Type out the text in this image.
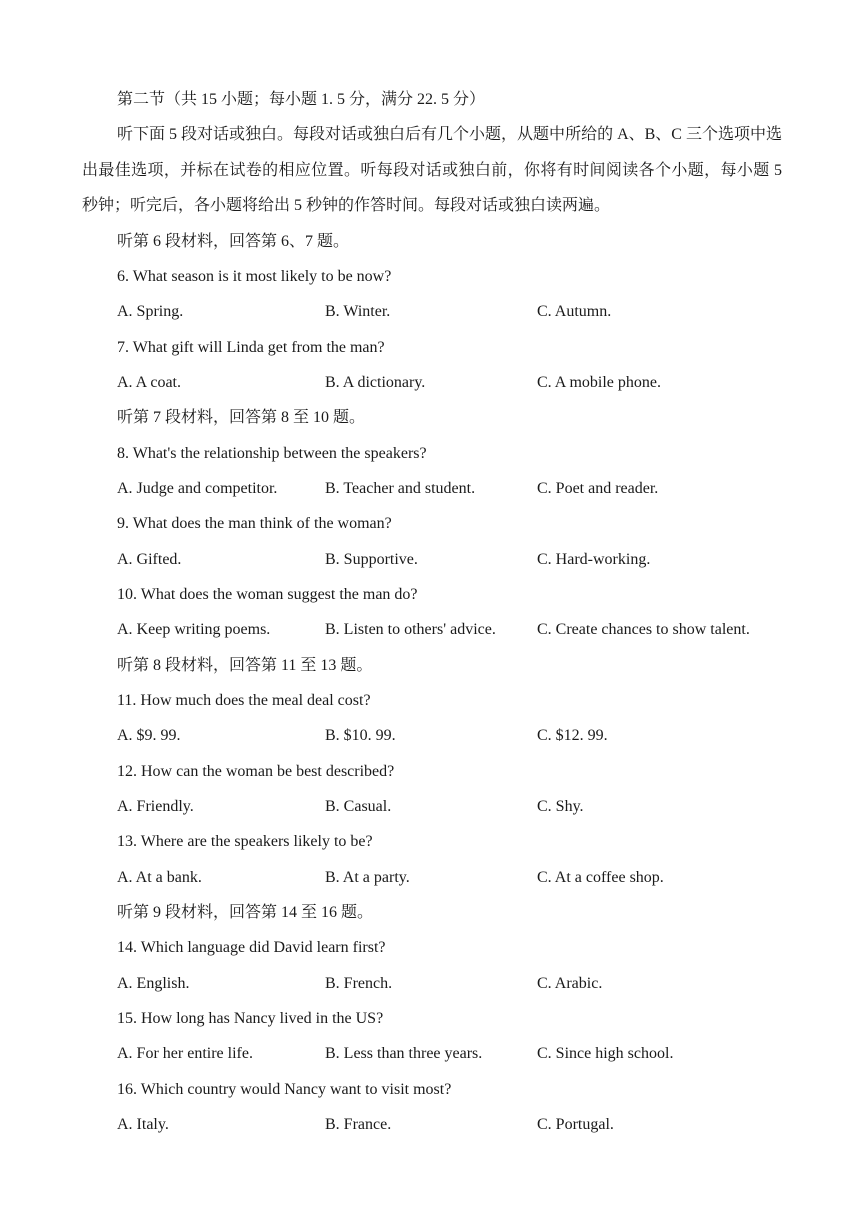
第二节（共 15 小题；每小题 1. 5 分，满分 22. 5 分）
听下面 5 段对话或独白。每段对话或独白后有几个小题，从题中所给的 A、B、C 三个选项中选出最佳选项，并标在试卷的相应位置。听每段对话或独白前，你将有时间阅读各个小题，每小题 5 秒钟；听完后，各小题将给出 5 秒钟的作答时间。每段对话或独白读两遍。
听第 6 段材料，回答第 6、7 题。
6. What season is it most likely to be now?
A. Spring.	B. Winter.	C. Autumn.
7. What gift will Linda get from the man?
A. A coat.	B. A dictionary.	C. A mobile phone.
听第 7 段材料，回答第 8 至 10 题。
8. What's the relationship between the speakers?
A. Judge and competitor.	B. Teacher and student.	C. Poet and reader.
9. What does the man think of the woman?
A. Gifted.	B. Supportive.	C. Hard-working.
10. What does the woman suggest the man do?
A. Keep writing poems.	B. Listen to others' advice.	C. Create chances to show talent.
听第 8 段材料，回答第 11 至 13 题。
11. How much does the meal deal cost?
A. $9. 99.	B. $10. 99.	C. $12. 99.
12. How can the woman be best described?
A. Friendly.	B. Casual.	C. Shy.
13. Where are the speakers likely to be?
A. At a bank.	B. At a party.	C. At a coffee shop.
听第 9 段材料，回答第 14 至 16 题。
14. Which language did David learn first?
A. English.	B. French.	C. Arabic.
15. How long has Nancy lived in the US?
A. For her entire life.	B. Less than three years.	C. Since high school.
16. Which country would Nancy want to visit most?
A. Italy.	B. France.	C. Portugal.
